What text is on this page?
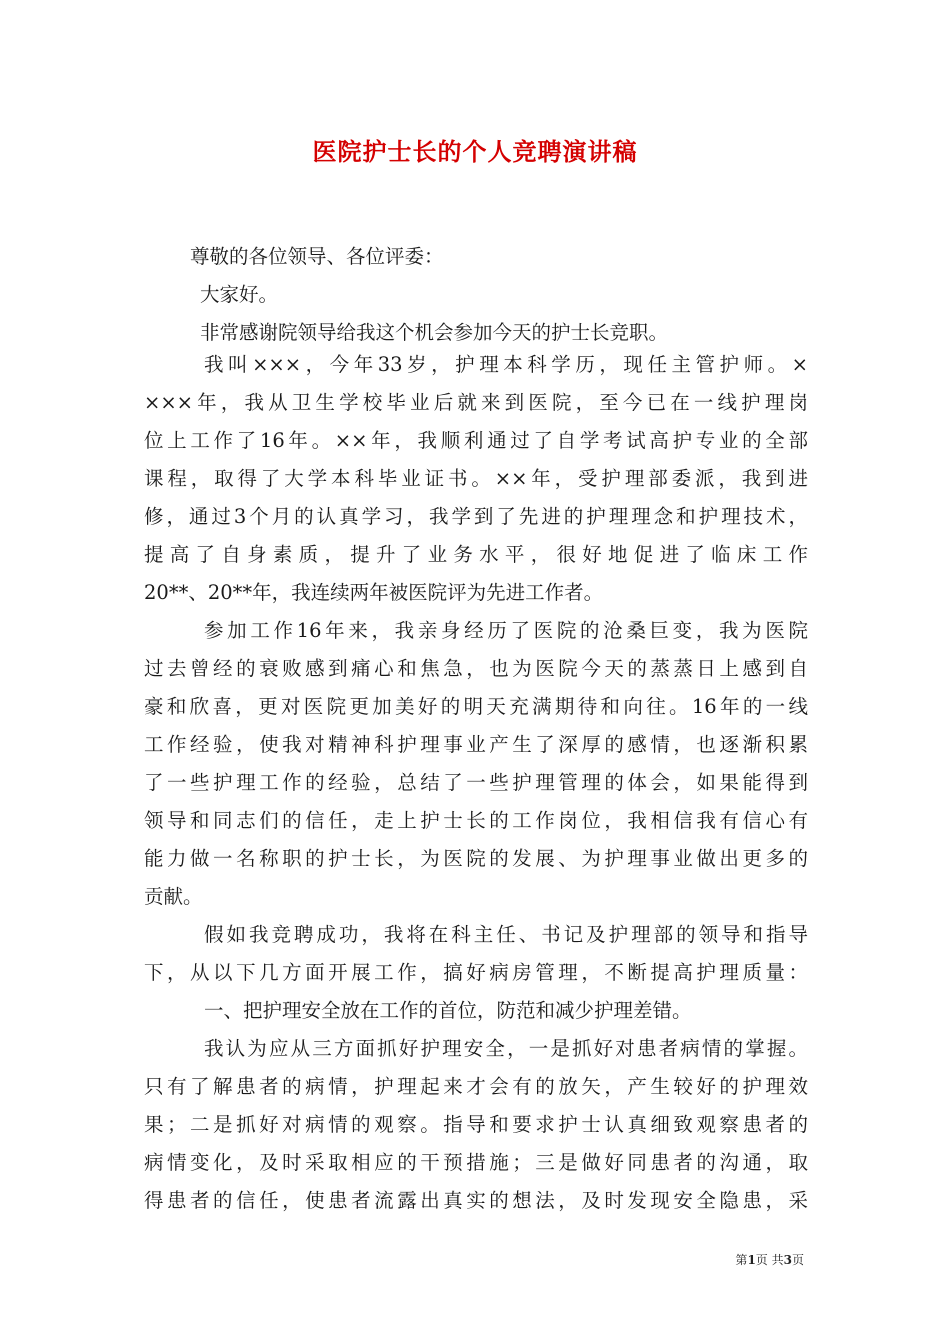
医院护士长的个人竞聘演讲稿
尊敬的各位领导、各位评委：
大家好。
非常感谢院领导给我这个机会参加今天的护士长竞职。
我叫×××，今年33岁，护理本科学历，现任主管护师。×
×××年，我从卫生学校毕业后就来到医院，至今已在一线护理岗
位上工作了16年。××年，我顺利通过了自学考试高护专业的全部
课程，取得了大学本科毕业证书。××年，受护理部委派，我到进
修，通过3个月的认真学习，我学到了先进的护理理念和护理技术，
提高了自身素质，提升了业务水平，很好地促进了临床工作
20**、20**年，我连续两年被医院评为先进工作者。
参加工作16年来，我亲身经历了医院的沧桑巨变，我为医院
过去曾经的衰败感到痛心和焦急，也为医院今天的蒸蒸日上感到自
豪和欣喜，更对医院更加美好的明天充满期待和向往。16年的一线
工作经验，使我对精神科护理事业产生了深厚的感情，也逐渐积累
了一些护理工作的经验，总结了一些护理管理的体会，如果能得到
领导和同志们的信任，走上护士长的工作岗位，我相信我有信心有
能力做一名称职的护士长，为医院的发展、为护理事业做出更多的
贡献。
假如我竞聘成功，我将在科主任、书记及护理部的领导和指导
下，从以下几方面开展工作，搞好病房管理，不断提高护理质量：
一、把护理安全放在工作的首位，防范和减少护理差错。
我认为应从三方面抓好护理安全，一是抓好对患者病情的掌握。
只有了解患者的病情，护理起来才会有的放矢，产生较好的护理效
果；二是抓好对病情的观察。指导和要求护士认真细致观察患者的
病情变化，及时采取相应的干预措施；三是做好同患者的沟通，取
得患者的信任，使患者流露出真实的想法，及时发现安全隐患，采
第1页 共3页
